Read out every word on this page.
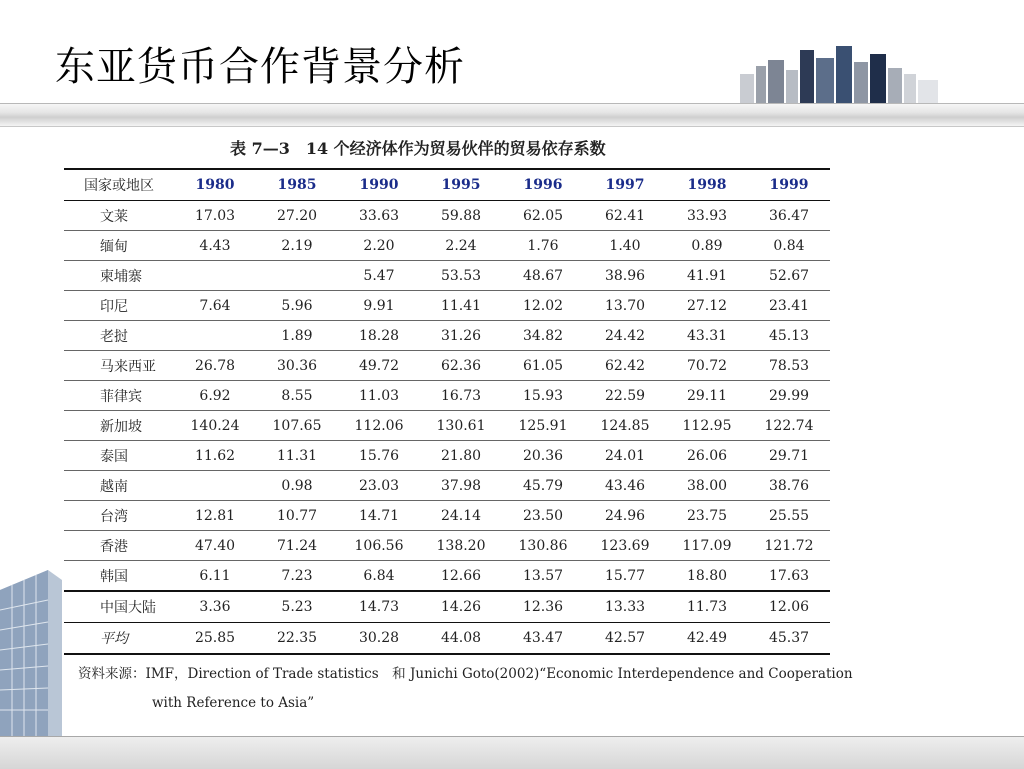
东亚货币合作背景分析
表 7—3　14 个经济体作为贸易伙伴的贸易依存系数
国家或地区	1980	1985	1990	1995	1996	1997	1998	1999
文莱	17.03	27.20	33.63	59.88	62.05	62.41	33.93	36.47
缅甸	4.43	2.19	2.20	2.24	1.76	1.40	0.89	0.84
柬埔寨			5.47	53.53	48.67	38.96	41.91	52.67
印尼	7.64	5.96	9.91	11.41	12.02	13.70	27.12	23.41
老挝		1.89	18.28	31.26	34.82	24.42	43.31	45.13
马来西亚	26.78	30.36	49.72	62.36	61.05	62.42	70.72	78.53
菲律宾	6.92	8.55	11.03	16.73	15.93	22.59	29.11	29.99
新加坡	140.24	107.65	112.06	130.61	125.91	124.85	112.95	122.74
泰国	11.62	11.31	15.76	21.80	20.36	24.01	26.06	29.71
越南		0.98	23.03	37.98	45.79	43.46	38.00	38.76
台湾	12.81	10.77	14.71	24.14	23.50	24.96	23.75	25.55
香港	47.40	71.24	106.56	138.20	130.86	123.69	117.09	121.72
韩国	6.11	7.23	6.84	12.66	13.57	15.77	18.80	17.63
中国大陆	3.36	5.23	14.73	14.26	12.36	13.33	11.73	12.06
平均	25.85	22.35	30.28	44.08	43.47	42.57	42.49	45.37
资料来源：IMF，Direction of Trade statistics　和 Junichi Goto(2002)“Economic Interdependence and Cooperation
with Reference to Asia”
